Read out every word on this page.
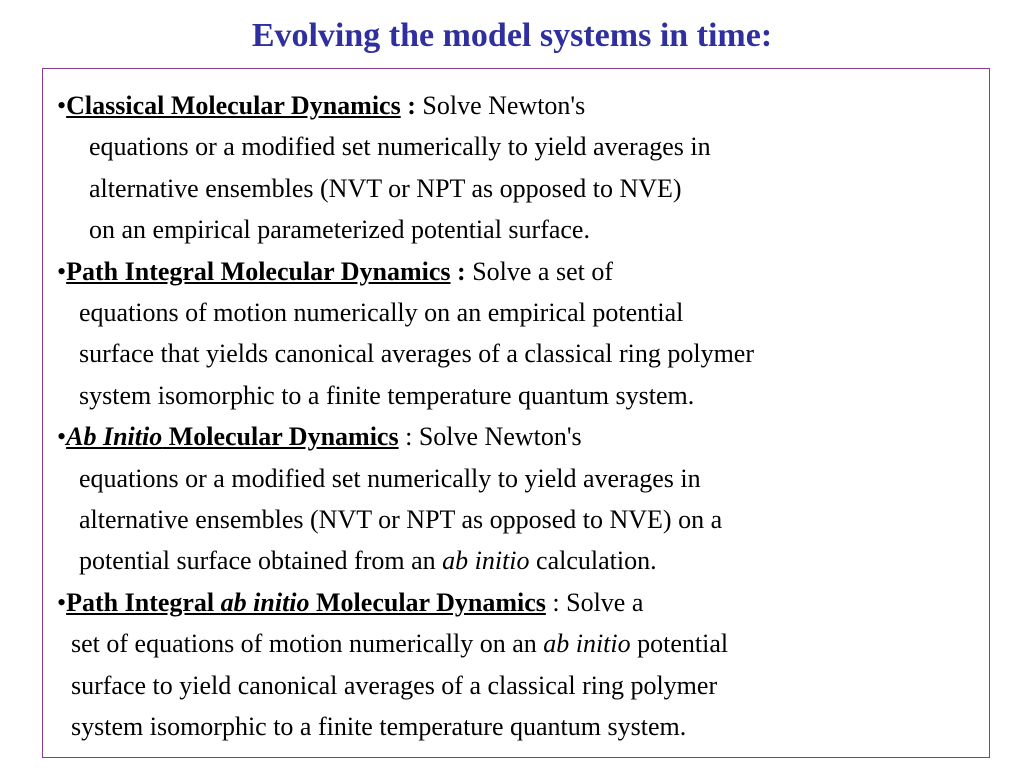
Evolving the model systems in time:
•Classical Molecular Dynamics : Solve Newton's
equations or a modified set numerically to yield averages in
alternative ensembles (NVT or NPT as opposed to NVE)
on an empirical parameterized potential surface.
•Path Integral Molecular Dynamics : Solve a set of
equations of motion numerically on an empirical potential
surface that yields canonical averages of a classical ring polymer
system isomorphic to a finite temperature quantum system.
•Ab Initio Molecular Dynamics : Solve Newton's
equations or a modified set numerically to yield averages in
alternative ensembles (NVT or NPT as opposed to NVE) on a
potential surface obtained from an ab initio calculation.
•Path Integral ab initio Molecular Dynamics : Solve a
set of equations of motion numerically on an ab initio potential
surface to yield canonical averages of a classical ring polymer
system isomorphic to a finite temperature quantum system.
